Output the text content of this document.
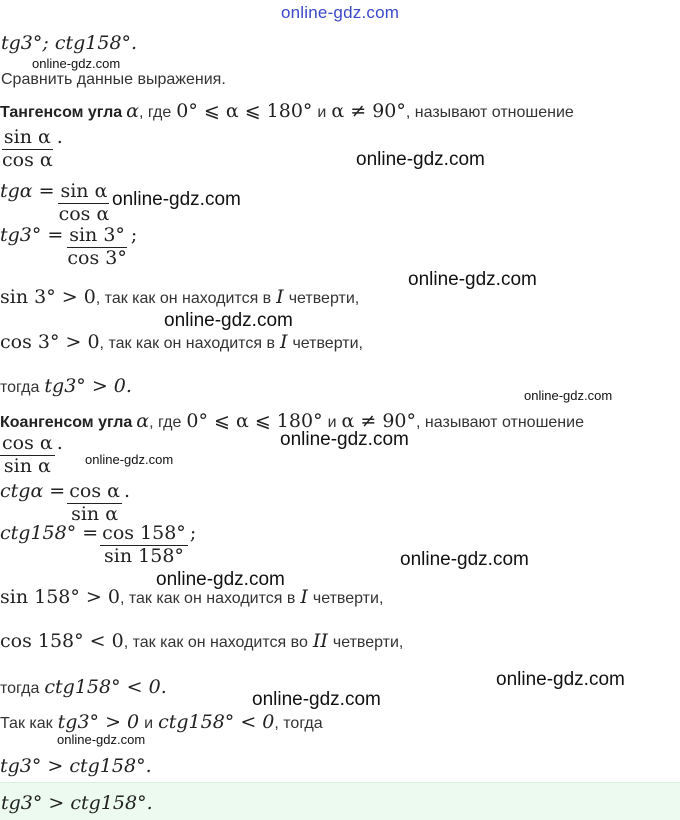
online-gdz.com
tg3°; ctg158°.
Сравнить данные выражения.
Тангенсом угла α , где 0° ⩽ α ⩽ 180° и α ≠ 90° , называют отношение
$\frac{\text{sin α}}{\text{cos α}}$ .
$tg\alpha = \frac{\text{sin α}}{\text{cos α}}$
$tg3^\circ = \frac{\sin 3^\circ}{\cos 3^\circ}$ ;
sin 3° > 0 , так как он находится в I четверти ,
cos 3° > 0 , так как он находится в I четверти ,
тогда tg3° > 0.
Коангенсом угла α , где 0° ⩽ α ⩽ 180° и α ≠ 90° , называют отношение
$\frac{\text{cos α}}{\text{sin α}}$ .
$ctg\alpha = \frac{\text{cos α}}{\text{sin α}}$ .
$ctg158^\circ = \frac{\cos 158^\circ}{\sin 158^\circ}$ ;
sin 158° > 0 , так как он находится в I четверти ,
cos 158° < 0 , так как он находится во II четверти ,
тогда ctg158° < 0.
Так как tg3° > 0 и ctg158° < 0 , тогда
tg3° > ctg158°.
tg3° > ctg158°.
online-gdz.com
online-gdz.com
online-gdz.com
online-gdz.com
online-gdz.com
online-gdz.com
online-gdz.com
online-gdz.com
online-gdz.com
online-gdz.com
online-gdz.com
online-gdz.com
online-gdz.com
